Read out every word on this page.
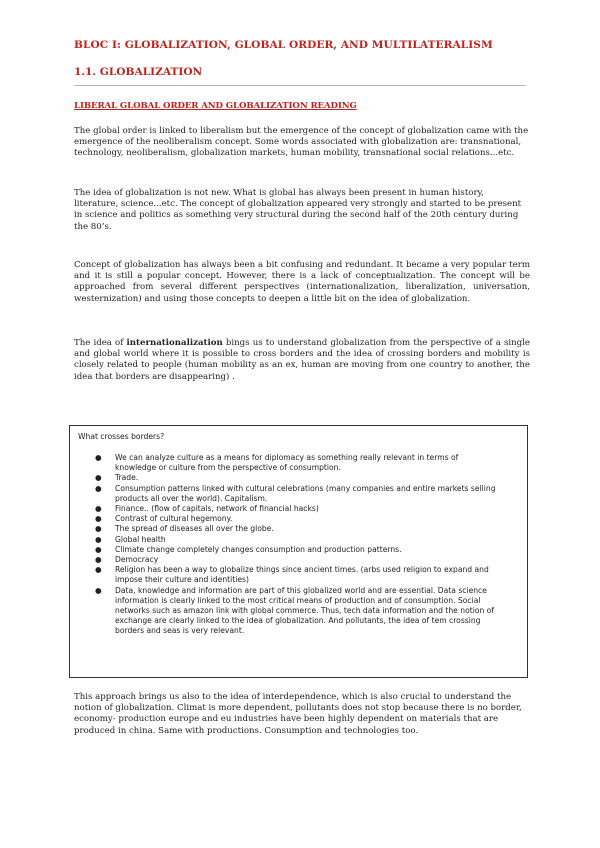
BLOC I: GLOBALIZATION, GLOBAL ORDER, AND MULTILATERALISM
1.1. GLOBALIZATION
LIBERAL GLOBAL ORDER AND GLOBALIZATION READING

The global order is linked to liberalism but the emergence of the concept of globalization came with the emergence of the neoliberalism concept. Some words associated with globalization are: transnational, technology, neoliberalism, globalization markets, human mobility, transnational social relations...etc.

The idea of globalization is not new. What is global has always been present in human history, literature, science...etc. The concept of globalization appeared very strongly and started to be present in science and politics as something very structural during the second half of the 20th century during the 80’s.

Concept of globalization has always been a bit confusing and redundant. It became a very popular term and it is still a popular concept. However, there is a lack of conceptualization. The concept will be approached from several different perspectives (internationalization, liberalization, universation, westernization) and using those concepts to deepen a little bit on the idea of globalization.

The idea of internationalization bings us to understand globalization from the perspective of a single and global world where it is possible to cross borders and the idea of crossing borders and mobility is closely related to people (human mobility as an ex, human are moving from one country to another, the idea that borders are disappearing) .

What crosses borders?
● We can analyze culture as a means for diplomacy as something really relevant in terms of knowledge or culture from the perspective of consumption.
● Trade.
● Consumption patterns linked with cultural celebrations (many companies and entire markets selling products all over the world). Capitalism.
● Finance.. (flow of capitals, network of financial hacks)
● Contrast of cultural hegemony.
● The spread of diseases all over the globe.
● Global health
● Climate change completely changes consumption and production patterns.
● Democracy
● Religion has been a way to globalize things since ancient times. (arbs used religion to expand and impose their culture and identities)
● Data, knowledge and information are part of this globalized world and are essential. Data science information is clearly linked to the most critical means of production and of consumption. Social networks such as amazon link with global commerce. Thus, tech data information and the notion of exchange are clearly linked to the idea of globalization. And pollutants, the idea of tem crossing borders and seas is very relevant.

This approach brings us also to the idea of interdependence, which is also crucial to understand the notion of globalization. Climat is more dependent, pollutants does not stop because there is no border, economy- production europe and eu industries have been highly dependent on materials that are produced in china. Same with productions. Consumption and technologies too.
